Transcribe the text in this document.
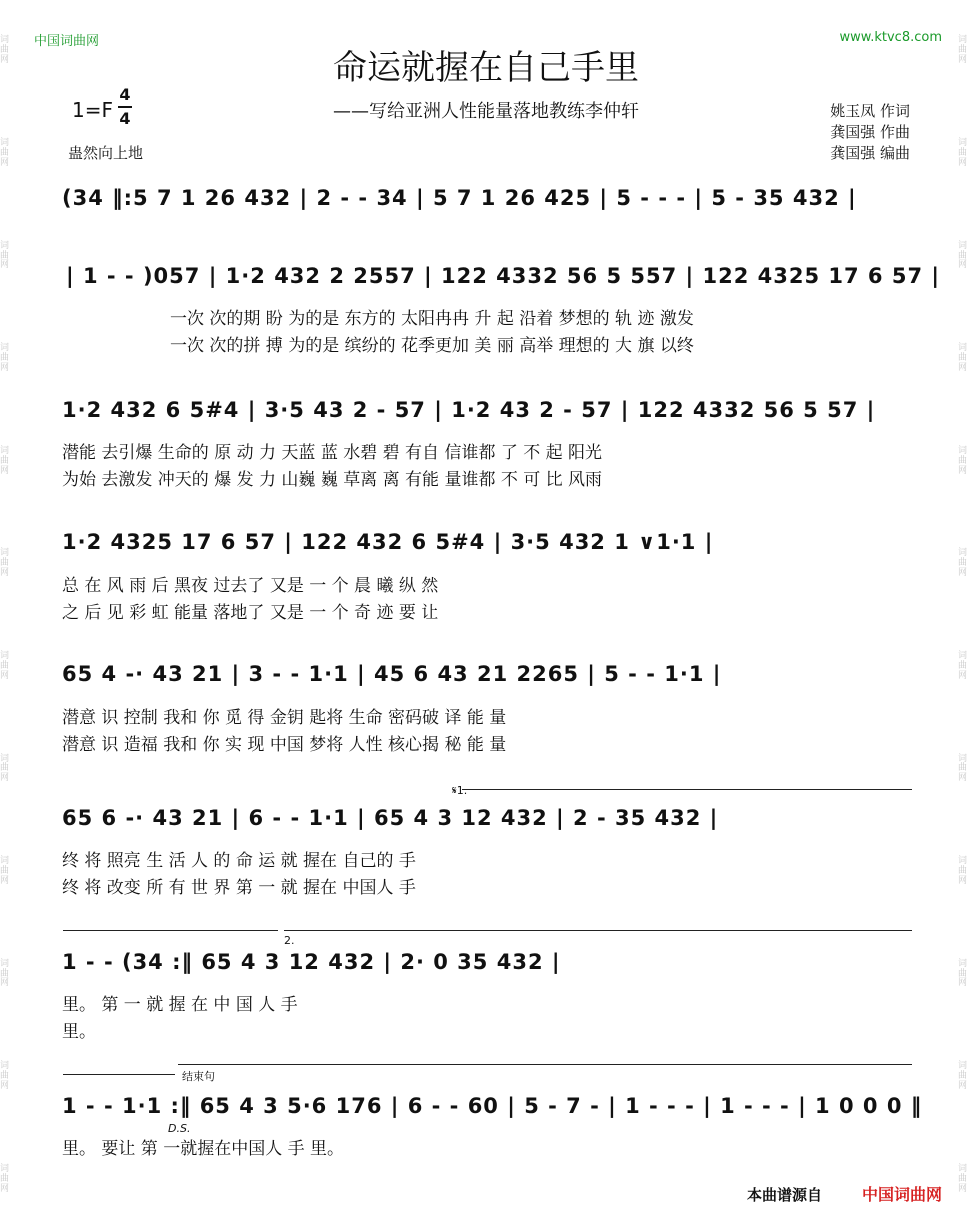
词曲网
词曲网
词曲网
词曲网
词曲网
词曲网
词曲网
词曲网
词曲网
词曲网
词曲网
词曲网
词曲网
词曲网
词曲网
词曲网
词曲网
词曲网
词曲网
词曲网
词曲网
词曲网
词曲网
词曲网
中国词曲网	www.ktvc8.com
命运就握在自己手里
——写给亚洲人性能量落地教练李仲轩
1=F
4
4
蛊然向上地
姚玉凤 作词
龚国强 作曲
龚国强 编曲
(34 ‖:5 7 1 26 432 | 2 - - 34 | 5 7 1 26 425 | 5 - - - | 5 - 35 432 |
| 1 - - )057 | 1·2 432 2 2557 | 122 4332 56 5 557 | 122 4325 17 6 57 |
一次 次的期 盼 为的是 东方的 太阳冉冉 升 起 沿着 梦想的 轨 迹 激发
一次 次的拼 搏 为的是 缤纷的 花季更加 美 丽 高举 理想的 大 旗 以终
1·2 432 6 5#4 | 3·5 43 2 - 57 | 1·2 43 2 - 57 | 122 4332 56 5 57 |
潜能 去引爆 生命的 原 动 力 天蓝 蓝 水碧 碧 有自 信谁都 了 不 起 阳光
为始 去激发 冲天的 爆 发 力 山巍 巍 草离 离 有能 量谁都 不 可 比 风雨
1·2 4325 17 6 57 | 122 432 6 5#4 | 3·5 432 1 ∨1·1 |
总 在 风 雨 后 黑夜 过去了 又是 一 个 晨 曦 纵 然
之 后 见 彩 虹 能量 落地了 又是 一 个 奇 迹 要 让
65 4 -· 43 21 | 3 - - 1·1 | 45 6 43 21 2265 | 5 - - 1·1 |
潜意 识 控制 我和 你 觅 得 金钥 匙将 生命 密码破 译 能 量
潜意 识 造福 我和 你 实 现 中国 梦将 人性 核心揭 秘 能 量
𝄋1.
65 6 -· 43 21 | 6 - - 1·1 | 65 4 3 12 432 | 2 - 35 432 |
终 将 照亮 生 活 人 的 命 运 就 握在 自己的 手
终 将 改变 所 有 世 界 第 一 就 握在 中国人 手
2.
1 - - (34 :‖ 65 4 3 12 432 | 2· 0 35 432 |
里。 第 一 就 握 在 中 国 人 手
里。
结束句
1 - - 1·1 :‖ 65 4 3 5·6 176 | 6 - - 60 | 5 - 7 - | 1 - - - | 1 - - - | 1 0 0 0 ‖
D.S.
里。 要让 第 一就握在中国人 手 里。
本曲谱源自 中国词曲网
